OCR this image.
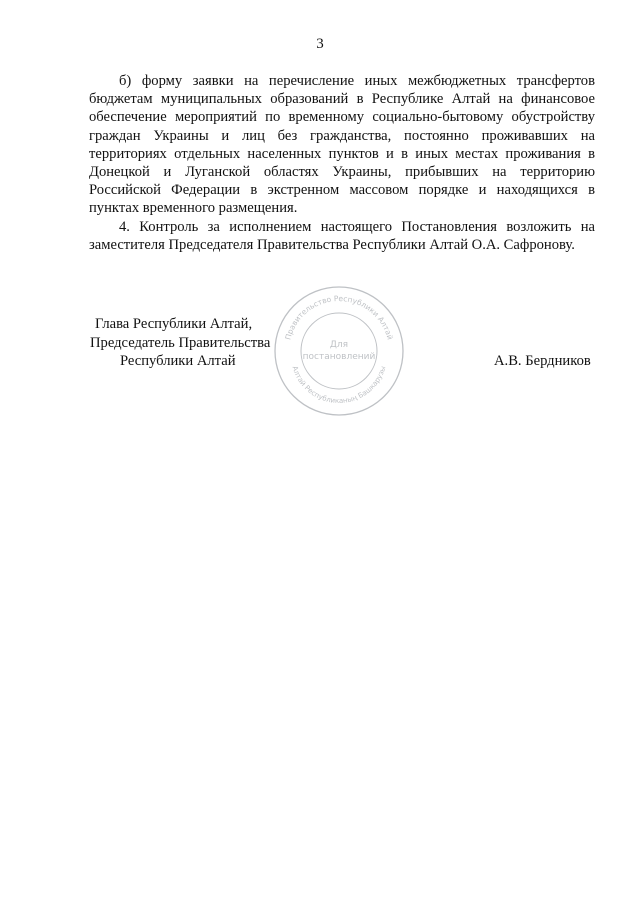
3

б) форму заявки на перечисление иных межбюджетных трансфертов бюджетам муниципальных образований в Республике Алтай на финансовое обеспечение мероприятий по временному социально-бытовому обустройству граждан Украины и лиц без гражданства, постоянно проживавших на территориях отдельных населенных пунктов и в иных местах проживания в Донецкой и Луганской областях Украины, прибывших на территорию Российской Федерации в экстренном массовом порядке и находящихся в пунктах временного размещения.

4. Контроль за исполнением настоящего Постановления возложить на заместителя Председателя Правительства Республики Алтай О.А. Сафронову.

Правительство Республики Алтай
Алтай Республиканың Башкарузы
Для
постановлений
Глава Республики Алтай,
Председатель Правительства
Республики Алтай	А.В. Бердников
